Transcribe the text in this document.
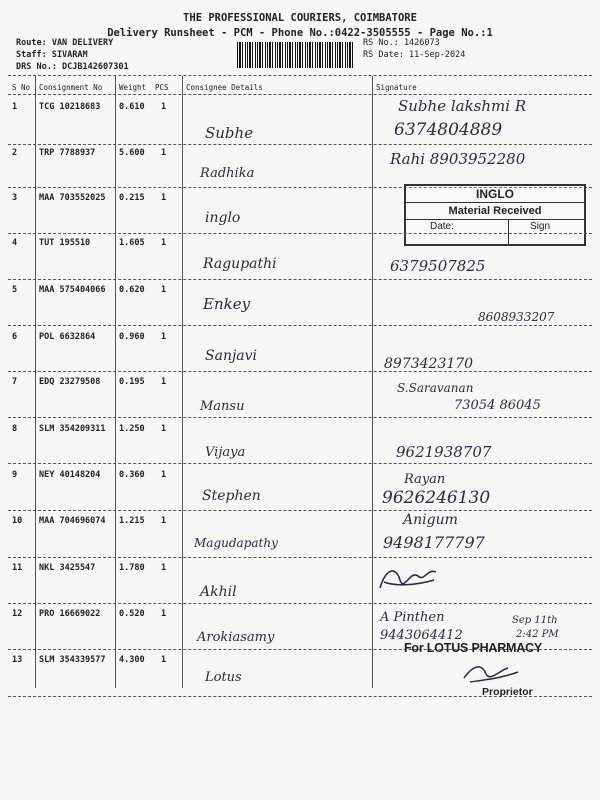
THE PROFESSIONAL COURIERS, COIMBATORE
Delivery Runsheet - PCM - Phone No.:0422-3505555 - Page No.:1
Route: VAN DELIVERY
Staff: SIVARAM
DRS No.: DCJB142607301
RS No.: 1426073
RS Date: 11-Sep-2024
S No Consignment No Weight PCS Consignee Details	Signature
1	TCG 10218683 0.610 1
Subhe
Subhe lakshmi R
6374804889
2	TRP 7788937	5.600 1
Radhika
Rahi 8903952280
3	MAA 703552025 0.215 1
inglo
INGLO
Material Received
Date:	Sign
4	TUT 195510	1.605 1
Ragupathi	6379507825
5	MAA 575404066 0.620 1
Enkey
8608933207
6	POL 6632864	0.960 1
Sanjavi	8973423170
7	EDQ 23279508 0.195 1
Mansu
S.Saravanan
73054 86045
8	SLM 354209311 1.250 1
Vijaya	9621938707
9	NEY 40148204 0.360 1
Stephen
Rayan
9626246130
10 MAA 704696074 1.215 1
Magudapathy
Anigum
9498177797
11 NKL 3425547	1.780 1
Akhil
12 PRO 16669022 0.520 1
Arokiasamy
A Pinthen
9443064412
Sep 11th
2:42 PM
13 SLM 354339577 4.300 1
Lotus
For LOTUS PHARMACY
Proprietor
